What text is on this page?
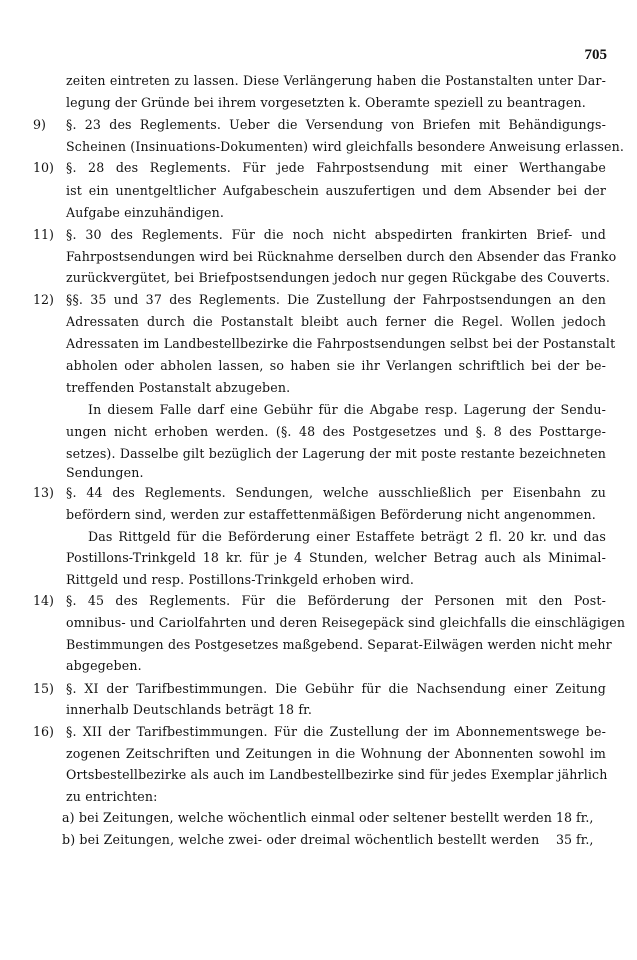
705
9)
10)
11)
12)
13)
14)
15)
16)
zeiten eintreten zu lassen. Diese Verlängerung haben die Postanstalten unter Dar-
legung der Gründe bei ihrem vorgesetzten k. Oberamte speziell zu beantragen.
§. 23 des Reglements. Ueber die Versendung von Briefen mit Behändigungs-
Scheinen (Insinuations-Dokumenten) wird gleichfalls besondere Anweisung erlassen.
§. 28 des Reglements. Für jede Fahrpostsendung mit einer Werthangabe
ist ein unentgeltlicher Aufgabeschein auszufertigen und dem Absender bei der
Aufgabe einzuhändigen.
§. 30 des Reglements. Für die noch nicht abspedirten frankirten Brief- und
Fahrpostsendungen wird bei Rücknahme derselben durch den Absender das Franko
zurückvergütet, bei Briefpostsendungen jedoch nur gegen Rückgabe des Couverts.
§§. 35 und 37 des Reglements. Die Zustellung der Fahrpostsendungen an den
Adressaten durch die Postanstalt bleibt auch ferner die Regel. Wollen jedoch
Adressaten im Landbestellbezirke die Fahrpostsendungen selbst bei der Postanstalt
abholen oder abholen lassen, so haben sie ihr Verlangen schriftlich bei der be-
treffenden Postanstalt abzugeben.
In diesem Falle darf eine Gebühr für die Abgabe resp. Lagerung der Sendu-
ungen nicht erhoben werden. (§. 48 des Postgesetzes und §. 8 des Posttarge-
setzes). Dasselbe gilt bezüglich der Lagerung der mit poste restante bezeichneten
Sendungen.
§. 44 des Reglements. Sendungen, welche ausschließlich per Eisenbahn zu
befördern sind, werden zur estaffettenmäßigen Beförderung nicht angenommen.
Das Rittgeld für die Beförderung einer Estaffete beträgt 2 fl. 20 kr. und das
Postillons-Trinkgeld 18 kr. für je 4 Stunden, welcher Betrag auch als Minimal-
Rittgeld und resp. Postillons-Trinkgeld erhoben wird.
§. 45 des Reglements. Für die Beförderung der Personen mit den Post-
omnibus- und Cariolfahrten und deren Reisegepäck sind gleichfalls die einschlägigen
Bestimmungen des Postgesetzes maßgebend. Separat-Eilwägen werden nicht mehr
abgegeben.
§. XI der Tarifbestimmungen. Die Gebühr für die Nachsendung einer Zeitung
innerhalb Deutschlands beträgt 18 fr.
§. XII der Tarifbestimmungen. Für die Zustellung der im Abonnementswege be-
zogenen Zeitschriften und Zeitungen in die Wohnung der Abonnenten sowohl im
Ortsbestellbezirke als auch im Landbestellbezirke sind für jedes Exemplar jährlich
zu entrichten:
a) bei Zeitungen, welche wöchentlich einmal oder seltener bestellt werden
b) bei Zeitungen, welche zwei- oder dreimal wöchentlich bestellt werden
18 fr.,
35 fr.,
